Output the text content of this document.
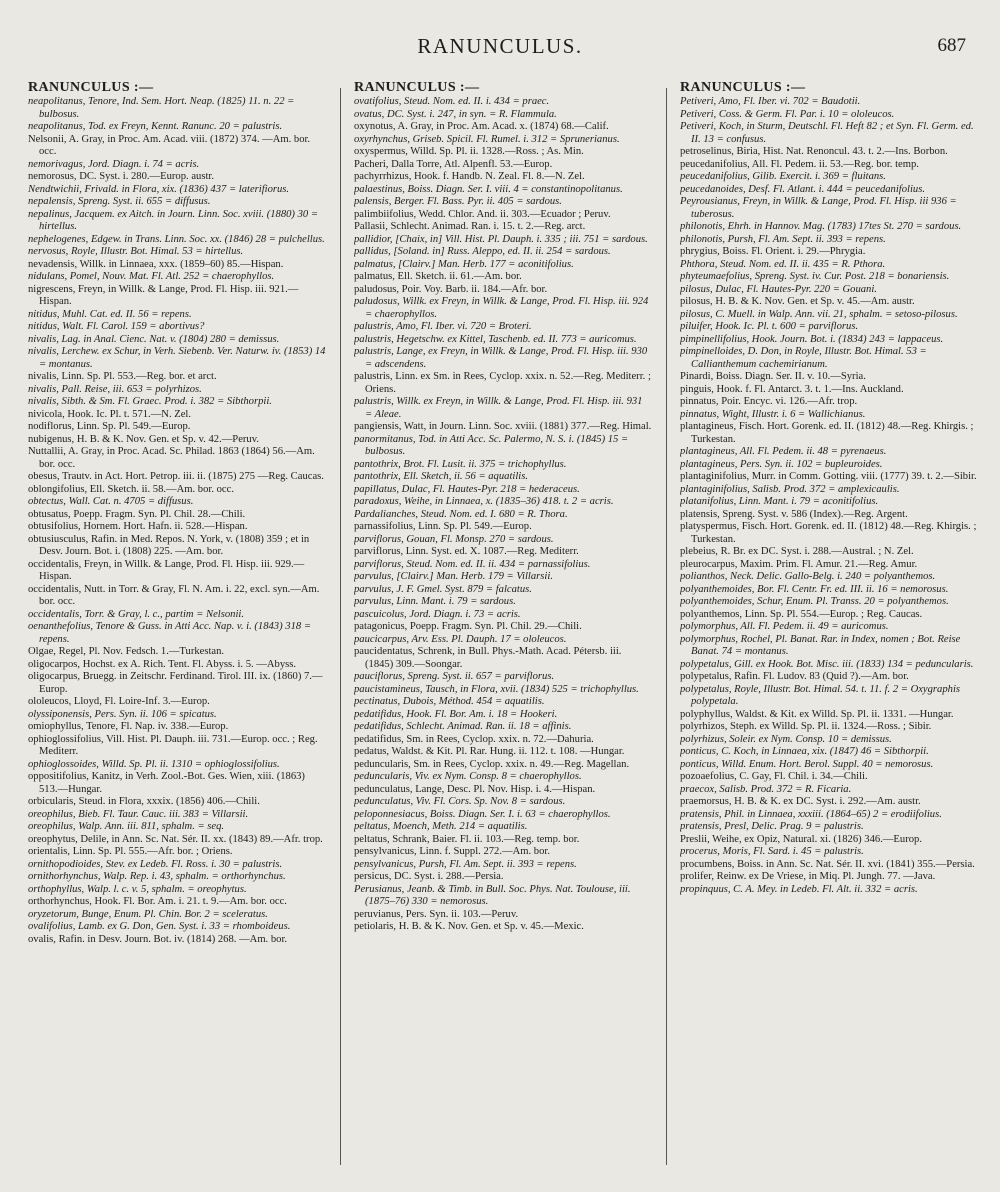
RANUNCULUS.	687
RANUNCULUS :—
neapolitanus, Tenore, Ind. Sem. Hort. Neap. (1825) 11. n. 22 = bulbosus.
neapolitanus, Tod. ex Freyn, Kennt. Ranunc. 20 = palustris.
Nelsonii, A. Gray, in Proc. Am. Acad. viii. (1872) 374. —Am. bor. occ.
nemorivagus, Jord. Diagn. i. 74 = acris.
nemorosus, DC. Syst. i. 280.—Europ. austr.
Nendtwichii, Frivald. in Flora, xix. (1836) 437 = laterifiorus.
nepalensis, Spreng. Syst. ii. 655 = diffusus.
nepalinus, Jacquem. ex Aitch. in Journ. Linn. Soc. xviii. (1880) 30 = hirtellus.
nephelogenes, Edgew. in Trans. Linn. Soc. xx. (1846) 28 = pulchellus.
nervosus, Royle, Illustr. Bot. Himal. 53 = hirtellus.
nevadensis, Willk. in Linnaea, xxx. (1859–60) 85.—Hispan.
nidulans, Pomel, Nouv. Mat. Fl. Atl. 252 = chaerophyllos.
nigrescens, Freyn, in Willk. & Lange, Prod. Fl. Hisp. iii. 921.—Hispan.
nitidus, Muhl. Cat. ed. II. 56 = repens.
nitidus, Walt. Fl. Carol. 159 = abortivus?
nivalis, Lag. in Anal. Cienc. Nat. v. (1804) 280 = demissus.
nivalis, Lerchew. ex Schur, in Verh. Siebenb. Ver. Naturw. iv. (1853) 14 = montanus.
nivalis, Linn. Sp. Pl. 553.—Reg. bor. et arct.
nivalis, Pall. Reise, iii. 653 = polyrhizos.
nivalis, Sibth. & Sm. Fl. Graec. Prod. i. 382 = Sibthorpii.
nivicola, Hook. Ic. Pl. t. 571.—N. Zel.
nodiflorus, Linn. Sp. Pl. 549.—Europ.
nubigenus, H. B. & K. Nov. Gen. et Sp. v. 42.—Peruv.
Nuttallii, A. Gray, in Proc. Acad. Sc. Philad. 1863 (1864) 56.—Am. bor. occ.
obesus, Trautv. in Act. Hort. Petrop. iii. ii. (1875) 275 —Reg. Caucas.
oblongifolius, Ell. Sketch. ii. 58.—Am. bor. occ.
obtectus, Wall. Cat. n. 4705 = diffusus.
obtusatus, Poepp. Fragm. Syn. Pl. Chil. 28.—Chili.
obtusifolius, Hornem. Hort. Hafn. ii. 528.—Hispan.
obtusiusculus, Rafin. in Med. Repos. N. York, v. (1808) 359 ; et in Desv. Journ. Bot. i. (1808) 225. —Am. bor.
occidentalis, Freyn, in Willk. & Lange, Prod. Fl. Hisp. iii. 929.—Hispan.
occidentalis, Nutt. in Torr. & Gray, Fl. N. Am. i. 22, excl. syn.—Am. bor. occ.
occidentalis, Torr. & Gray, l. c., partim = Nelsonii.
oenanthefolius, Tenore & Guss. in Atti Acc. Nap. v. i. (1843) 318 = repens.
Olgae, Regel, Pl. Nov. Fedsch. 1.—Turkestan.
oligocarpos, Hochst. ex A. Rich. Tent. Fl. Abyss. i. 5. —Abyss.
oligocarpus, Bruegg. in Zeitschr. Ferdinand. Tirol. III. ix. (1860) 7.—Europ.
ololeucos, Lloyd, Fl. Loire-Inf. 3.—Europ.
olyssiponensis, Pers. Syn. ii. 106 = spicatus.
omiophyllus, Tenore, Fl. Nap. iv. 338.—Europ.
ophioglossifolius, Vill. Hist. Pl. Dauph. iii. 731.—Europ. occ. ; Reg. Mediterr.
ophioglossoides, Willd. Sp. Pl. ii. 1310 = ophioglossifolius.
oppositifolius, Kanitz, in Verh. Zool.-Bot. Ges. Wien, xiii. (1863) 513.—Hungar.
orbicularis, Steud. in Flora, xxxix. (1856) 406.—Chili.
oreophilus, Bieb. Fl. Taur. Cauc. iii. 383 = Villarsii.
oreophilus, Walp. Ann. iii. 811, sphalm. = seq.
oreophytus, Delile, in Ann. Sc. Nat. Sér. II. xx. (1843) 89.—Afr. trop.
orientalis, Linn. Sp. Pl. 555.—Afr. bor. ; Oriens.
ornithopodioides, Stev. ex Ledeb. Fl. Ross. i. 30 = palustris.
ornithorhynchus, Walp. Rep. i. 43, sphalm. = orthorhynchus.
orthophyllus, Walp. l. c. v. 5, sphalm. = oreophytus.
orthorhynchus, Hook. Fl. Bor. Am. i. 21. t. 9.—Am. bor. occ.
oryzetorum, Bunge, Enum. Pl. Chin. Bor. 2 = sceleratus.
ovalifolius, Lamb. ex G. Don, Gen. Syst. i. 33 = rhomboideus.
ovalis, Rafin. in Desv. Journ. Bot. iv. (1814) 268. —Am. bor.
RANUNCULUS :—
ovatifolius, Steud. Nom. ed. II. i. 434 = praec.
ovatus, DC. Syst. i. 247, in syn. = R. Flammula.
oxynotus, A. Gray, in Proc. Am. Acad. x. (1874) 68.—Calif.
oxyrhynchus, Griseb. Spicil. Fl. Rumel. i. 312 = Sprunerianus.
oxyspermus, Willd. Sp. Pl. ii. 1328.—Ross. ; As. Min.
Pacheri, Dalla Torre, Atl. Alpenfl. 53.—Europ.
pachyrrhizus, Hook. f. Handb. N. Zeal. Fl. 8.—N. Zel.
palaestinus, Boiss. Diagn. Ser. I. viii. 4 = constantinopolitanus.
palensis, Berger. Fl. Bass. Pyr. ii. 405 = sardous.
palimbiifolius, Wedd. Chlor. And. ii. 303.—Ecuador ; Peruv.
Pallasii, Schlecht. Animad. Ran. i. 15. t. 2.—Reg. arct.
pallidior, [Chaix, in] Vill. Hist. Pl. Dauph. i. 335 ; iii. 751 = sardous.
pallidus, [Soland. in] Russ. Aleppo, ed. II. ii. 254 = sardous.
palmatus, [Clairv.] Man. Herb. 177 = aconitifolius.
palmatus, Ell. Sketch. ii. 61.—Am. bor.
paludosus, Poir. Voy. Barb. ii. 184.—Afr. bor.
paludosus, Willk. ex Freyn, in Willk. & Lange, Prod. Fl. Hisp. iii. 924 = chaerophyllos.
palustris, Amo, Fl. Iber. vi. 720 = Broteri.
palustris, Hegetschw. ex Kittel, Taschenb. ed. II. 773 = auricomus.
palustris, Lange, ex Freyn, in Willk. & Lange, Prod. Fl. Hisp. iii. 930 = adscendens.
palustris, Linn. ex Sm. in Rees, Cyclop. xxix. n. 52.—Reg. Mediterr. ; Oriens.
palustris, Willk. ex Freyn, in Willk. & Lange, Prod. Fl. Hisp. iii. 931 = Aleae.
pangiensis, Watt, in Journ. Linn. Soc. xviii. (1881) 377.—Reg. Himal.
panormitanus, Tod. in Atti Acc. Sc. Palermo, N. S. i. (1845) 15 = bulbosus.
pantothrix, Brot. Fl. Lusit. ii. 375 = trichophyllus.
pantothrix, Ell. Sketch, ii. 56 = aquatilis.
papillatus, Dulac, Fl. Hautes-Pyr. 218 = hederaceus.
paradoxus, Weihe, in Linnaea, x. (1835–36) 418. t. 2 = acris.
Pardalianches, Steud. Nom. ed. I. 680 = R. Thora.
parnassifolius, Linn. Sp. Pl. 549.—Europ.
parviflorus, Gouan, Fl. Monsp. 270 = sardous.
parviflorus, Linn. Syst. ed. X. 1087.—Reg. Mediterr.
parviflorus, Steud. Nom. ed. II. ii. 434 = parnassifolius.
parvulus, [Clairv.] Man. Herb. 179 = Villarsii.
parvulus, J. F. Gmel. Syst. 879 = falcatus.
parvulus, Linn. Mant. i. 79 = sardous.
pascuicolus, Jord. Diagn. i. 73 = acris.
patagonicus, Poepp. Fragm. Syn. Pl. Chil. 29.—Chili.
paucicarpus, Arv. Ess. Pl. Dauph. 17 = ololeucos.
paucidentatus, Schrenk, in Bull. Phys.-Math. Acad. Pétersb. iii. (1845) 309.—Soongar.
pauciflorus, Spreng. Syst. ii. 657 = parviflorus.
paucistamineus, Tausch, in Flora, xvii. (1834) 525 = trichophyllus.
pectinatus, Dubois, Méthod. 454 = aquatilis.
pedatifidus, Hook. Fl. Bor. Am. i. 18 = Hookeri.
pedatifidus, Schlecht. Animad. Ran. ii. 18 = affinis.
pedatifidus, Sm. in Rees, Cyclop. xxix. n. 72.—Dahuria.
pedatus, Waldst. & Kit. Pl. Rar. Hung. ii. 112. t. 108. —Hungar.
peduncularis, Sm. in Rees, Cyclop. xxix. n. 49.—Reg. Magellan.
peduncularis, Viv. ex Nym. Consp. 8 = chaerophyllos.
pedunculatus, Lange, Desc. Pl. Nov. Hisp. i. 4.—Hispan.
pedunculatus, Viv. Fl. Cors. Sp. Nov. 8 = sardous.
peloponnesiacus, Boiss. Diagn. Ser. I. i. 63 = chaerophyllos.
peltatus, Moench, Meth. 214 = aquatilis.
peltatus, Schrank, Baier. Fl. ii. 103.—Reg. temp. bor.
pensylvanicus, Linn. f. Suppl. 272.—Am. bor.
pensylvanicus, Pursh, Fl. Am. Sept. ii. 393 = repens.
persicus, DC. Syst. i. 288.—Persia.
Perusianus, Jeanb. & Timb. in Bull. Soc. Phys. Nat. Toulouse, iii. (1875–76) 330 = nemorosus.
peruvianus, Pers. Syn. ii. 103.—Peruv.
petiolaris, H. B. & K. Nov. Gen. et Sp. v. 45.—Mexic.
RANUNCULUS :—
Petiveri, Amo, Fl. Iber. vi. 702 = Baudotii.
Petiveri, Coss. & Germ. Fl. Par. i. 10 = ololeucos.
Petiveri, Koch, in Sturm, Deutschl. Fl. Heft 82 ; et Syn. Fl. Germ. ed. II. 13 = confusus.
petroselinus, Biria, Hist. Nat. Renoncul. 43. t. 2.—Ins. Borbon.
peucedanifolius, All. Fl. Pedem. ii. 53.—Reg. bor. temp.
peucedanifolius, Gilib. Exercit. i. 369 = fluitans.
peucedanoides, Desf. Fl. Atlant. i. 444 = peucedanifolius.
Peyrousianus, Freyn, in Willk. & Lange, Prod. Fl. Hisp. iii 936 = tuberosus.
philonotis, Ehrh. in Hannov. Mag. (1783) 17tes St. 270 = sardous.
philonotis, Pursh, Fl. Am. Sept. ii. 393 = repens.
phrygius, Boiss. Fl. Orient. i. 29.—Phrygia.
Phthora, Steud. Nom. ed. II. ii. 435 = R. Pthora.
phyteumaefolius, Spreng. Syst. iv. Cur. Post. 218 = bonariensis.
pilosus, Dulac, Fl. Hautes-Pyr. 220 = Gouani.
pilosus, H. B. & K. Nov. Gen. et Sp. v. 45.—Am. austr.
pilosus, C. Muell. in Walp. Ann. vii. 21, sphalm. = setoso-pilosus.
piluifer, Hook. Ic. Pl. t. 600 = parviflorus.
pimpinellifolius, Hook. Journ. Bot. i. (1834) 243 = lappaceus.
pimpinelloides, D. Don, in Royle, Illustr. Bot. Himal. 53 = Callianthemum cachemirianum.
Pinardi, Boiss. Diagn. Ser. II. v. 10.—Syria.
pinguis, Hook. f. Fl. Antarct. 3. t. 1.—Ins. Auckland.
pinnatus, Poir. Encyc. vi. 126.—Afr. trop.
pinnatus, Wight, Illustr. i. 6 = Wallichianus.
plantagineus, Fisch. Hort. Gorenk. ed. II. (1812) 48.—Reg. Khirgis. ; Turkestan.
plantagineus, All. Fl. Pedem. ii. 48 = pyrenaeus.
plantagineus, Pers. Syn. ii. 102 = bupleuroides.
plantaginifolius, Murr. in Comm. Gotting. viii. (1777) 39. t. 2.—Sibir.
plantaginifolius, Salisb. Prod. 372 = amplexicaulis.
platanifolius, Linn. Mant. i. 79 = aconitifolius.
platensis, Spreng. Syst. v. 586 (Index).—Reg. Argent.
platyspermus, Fisch. Hort. Gorenk. ed. II. (1812) 48.—Reg. Khirgis. ; Turkestan.
plebeius, R. Br. ex DC. Syst. i. 288.—Austral. ; N. Zel.
pleurocarpus, Maxim. Prim. Fl. Amur. 21.—Reg. Amur.
polianthos, Neck. Delic. Gallo-Belg. i. 240 = polyanthemos.
polyanthemoides, Bor. Fl. Centr. Fr. ed. III. ii. 16 = nemorosus.
polyanthemoides, Schur, Enum. Pl. Transs. 20 = polyanthemos.
polyanthemos, Linn. Sp. Pl. 554.—Europ. ; Reg. Caucas.
polymorphus, All. Fl. Pedem. ii. 49 = auricomus.
polymorphus, Rochel, Pl. Banat. Rar. in Index, nomen ; Bot. Reise Banat. 74 = montanus.
polypetalus, Gill. ex Hook. Bot. Misc. iii. (1833) 134 = peduncularis.
polypetalus, Rafin. Fl. Ludov. 83 (Quid ?).—Am. bor.
polypetalus, Royle, Illustr. Bot. Himal. 54. t. 11. f. 2 = Oxygraphis polypetala.
polyphyllus, Waldst. & Kit. ex Willd. Sp. Pl. ii. 1331. —Hungar.
polyrhizos, Steph. ex Willd. Sp. Pl. ii. 1324.—Ross. ; Sibir.
polyrhizus, Soleir. ex Nym. Consp. 10 = demissus.
ponticus, C. Koch, in Linnaea, xix. (1847) 46 = Sibthorpii.
ponticus, Willd. Enum. Hort. Berol. Suppl. 40 = nemorosus.
pozoaefolius, C. Gay, Fl. Chil. i. 34.—Chili.
praecox, Salisb. Prod. 372 = R. Ficaria.
praemorsus, H. B. & K. ex DC. Syst. i. 292.—Am. austr.
pratensis, Phil. in Linnaea, xxxiii. (1864–65) 2 = erodiifolius.
pratensis, Presl, Delic. Prag. 9 = palustris.
Preslii, Weihe, ex Opiz, Natural. xi. (1826) 346.—Europ.
procerus, Moris, Fl. Sard. i. 45 = palustris.
procumbens, Boiss. in Ann. Sc. Nat. Sér. II. xvi. (1841) 355.—Persia.
prolifer, Reinw. ex De Vriese, in Miq. Pl. Jungh. 77. —Java.
propinquus, C. A. Mey. in Ledeb. Fl. Alt. ii. 332 = acris.
